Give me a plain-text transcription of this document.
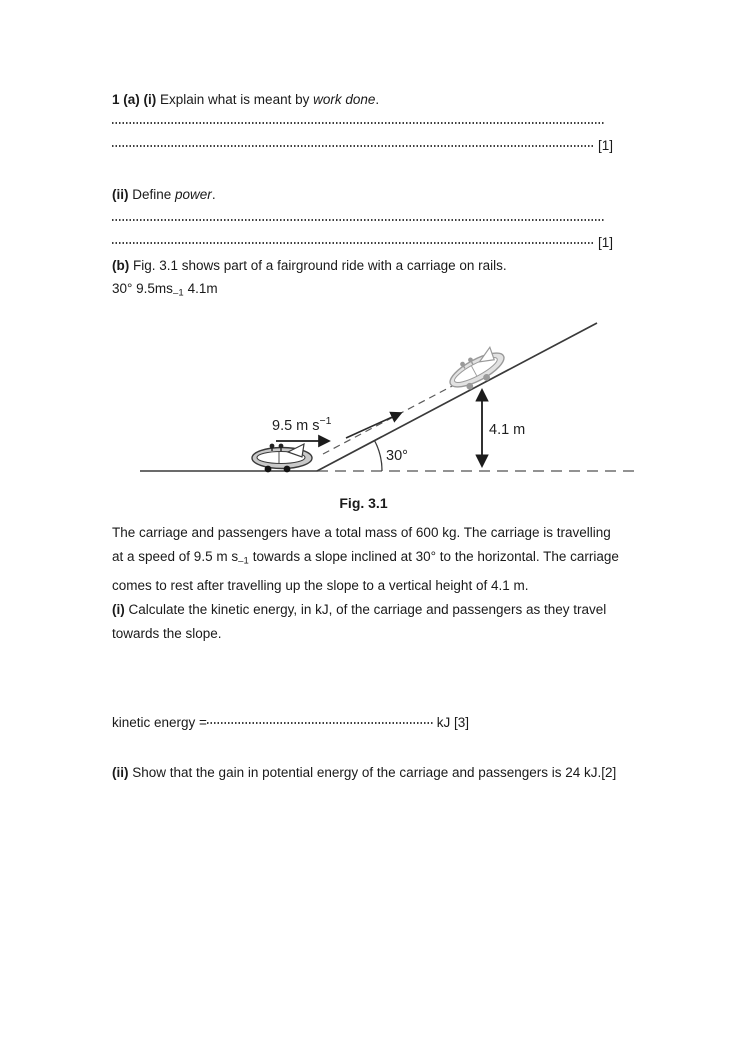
1 (a) (i) Explain what is meant by work done.
[1]
(ii) Define power.
[1]
(b) Fig. 3.1 shows part of a fairground ride with a carriage on rails.
30° $9.5ms_{-1}$ 4.1m
30°
4.1 m
9.5 m $s^{-1}$
Fig. 3.1
The carriage and passengers have a total mass of 600 kg. The carriage is travelling
at a speed of 9.5 m $s_{-1}$ towards a slope inclined at 30° to the horizontal. The carriage
comes to rest after travelling up the slope to a vertical height of 4.1 m.
(i) Calculate the kinetic energy, in kJ, of the carriage and passengers as they travel
towards the slope.
kinetic energy =	kJ [3]
(ii) Show that the gain in potential energy of the carriage and passengers is 24 kJ.[2]
